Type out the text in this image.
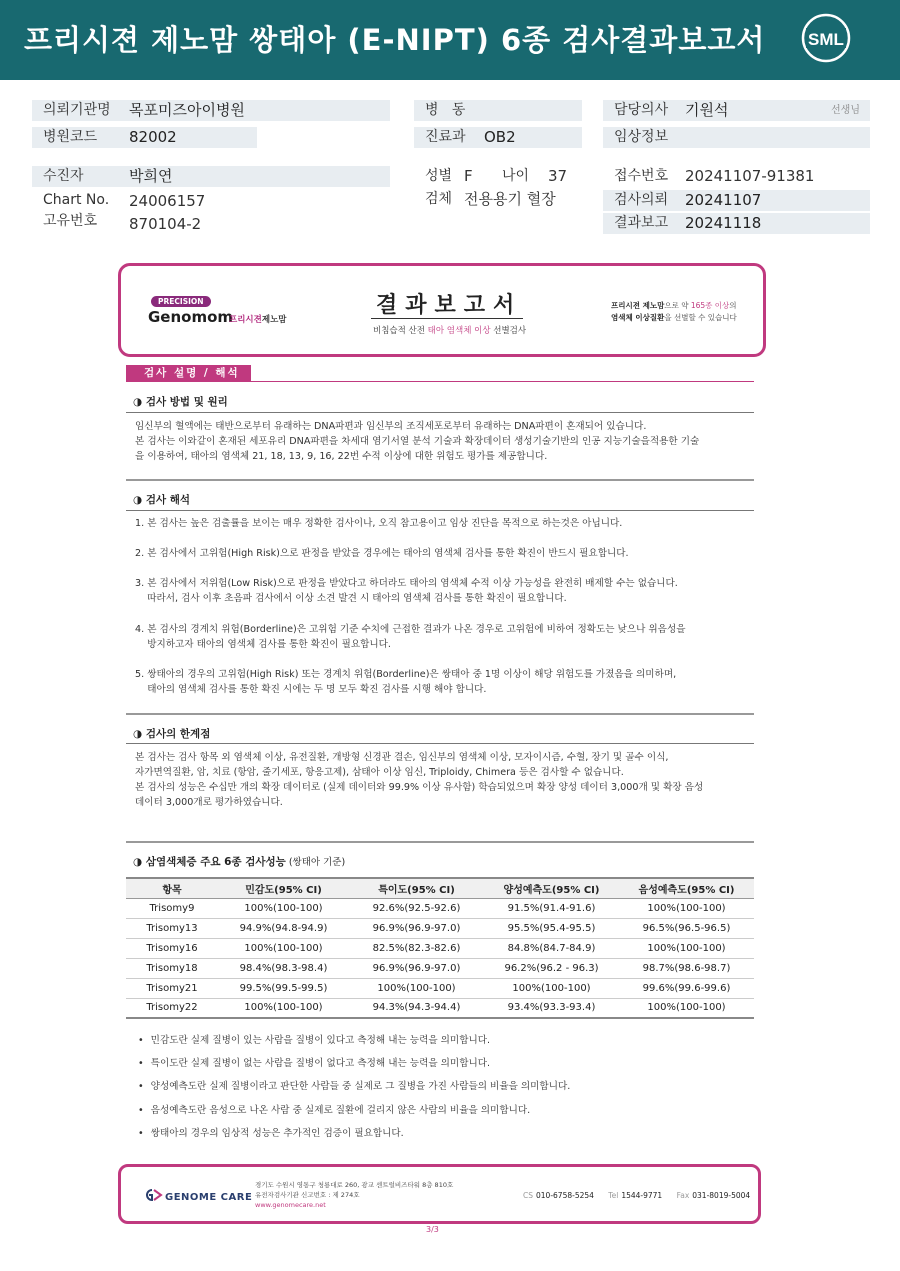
프리시젼 제노맘 쌍태아 (E-NIPT) 6종 검사결과보고서	SML
의뢰기관명 목포미즈아이병원
병원코드 82002
수진자	박희연
Chart No. 24006157
고유번호 870104-2
병   동
진료과 OB2
성별 F 나이 37
검체 전용용기 혈장
담당의사 기원석	선생님
임상정보
접수번호 20241107-91381
검사의뢰 20241107
결과보고 20241118
PRECISION
Genomom
프리시젼제노맘
결과보고서
비침습적 산전 태아 염색체 이상 선별검사
프리시젼 제노맘으로 약 165종 이상의
염색체 이상질환을 선별할 수 있습니다
검사 설명 / 해석
◑ 검사 방법 및 원리
임신부의 혈액에는 태반으로부터 유래하는 DNA파편과 임신부의 조직세포로부터 유래하는 DNA파편이 혼재되어 있습니다.
본 검사는 이와같이 혼재된 세포유리 DNA파편을 차세대 염기서열 분석 기술과 확장데이터 생성기술기반의 인공 지능기술을적용한 기술
을 이용하여, 태아의 염색체 21, 18, 13, 9, 16, 22번 수적 이상에 대한 위험도 평가를 제공합니다.
◑ 검사 해석
1. 본 검사는 높은 검출률을 보이는 매우 정확한 검사이나, 오직 참고용이고 임상 진단을 목적으로 하는것은 아닙니다.
2. 본 검사에서 고위험(High Risk)으로 판정을 받았을 경우에는 태아의 염색체 검사를 통한 확진이 반드시 필요합니다.
3. 본 검사에서 저위험(Low Risk)으로 판정을 받았다고 하더라도 태아의 염색체 수적 이상 가능성을 완전히 배제할 수는 없습니다.
따라서, 검사 이후 초음파 검사에서 이상 소견 발견 시 태아의 염색체 검사를 통한 확진이 필요합니다.
4. 본 검사의 경계치 위험(Borderline)은 고위험 기준 수치에 근접한 결과가 나온 경우로 고위험에 비하여 정확도는 낮으나 위음성을
방지하고자 태아의 염색체 검사를 통한 확진이 필요합니다.
5. 쌍태아의 경우의 고위험(High Risk) 또는 경계치 위험(Borderline)은 쌍태아 중 1명 이상이 해당 위험도를 가졌음을 의미하며,
태아의 염색체 검사를 통한 확진 시에는 두 명 모두 확진 검사를 시행 해야 합니다.
◑ 검사의 한계점
본 검사는 검사 항목 외 염색체 이상, 유전질환, 개방형 신경관 결손, 임신부의 염색체 이상, 모자이시즘, 수혈, 장기 및 골수 이식,
자가면역질환, 암, 치료 (항암, 줄기세포, 항응고제), 삼태아 이상 임신, Triploidy, Chimera 등은 검사할 수 없습니다.
본 검사의 성능은 수십만 개의 확장 데이터로 (실제 데이터와 99.9% 이상 유사함) 학습되었으며 확장 양성 데이터 3,000개 및 확장 음성
데이터 3,000개로 평가하였습니다.
◑ 삼염색체증 주요 6종 검사성능 (쌍태아 기준)
항목	민감도(95% CI)	특이도(95% CI)	양성예측도(95% CI)	음성예측도(95% CI)
Trisomy9	100%(100-100)	92.6%(92.5-92.6)	91.5%(91.4-91.6)	100%(100-100)
Trisomy13	94.9%(94.8-94.9)	96.9%(96.9-97.0)	95.5%(95.4-95.5)	96.5%(96.5-96.5)
Trisomy16	100%(100-100)	82.5%(82.3-82.6)	84.8%(84.7-84.9)	100%(100-100)
Trisomy18	98.4%(98.3-98.4)	96.9%(96.9-97.0)	96.2%(96.2 - 96.3)	98.7%(98.6-98.7)
Trisomy21	99.5%(99.5-99.5)	100%(100-100)	100%(100-100)	99.6%(99.6-99.6)
Trisomy22	100%(100-100)	94.3%(94.3-94.4)	93.4%(93.3-93.4)	100%(100-100)
• 민감도란 실제 질병이 있는 사람을 질병이 있다고 측정해 내는 능력을 의미합니다.
• 특이도란 실제 질병이 없는 사람을 질병이 없다고 측정해 내는 능력을 의미합니다.
• 양성예측도란 실제 질병이라고 판단한 사람들 중 실제로 그 질병을 가진 사람들의 비율을 의미합니다.
• 음성예측도란 음성으로 나온 사람 중 실제로 질환에 걸리지 않은 사람의 비율을 의미합니다.
• 쌍태아의 경우의 임상적 성능은 추가적인 검증이 필요합니다.
GENOME CARE
경기도 수원시 영통구 청룡대로 260, 광교 센트럴비즈타워 8층 810호
유전자검사기관 신고번호 : 제 274호
www.genomecare.net
CS 010-6758-5254 Tel 1544-9771 Fax 031-8019-5004
3/3
